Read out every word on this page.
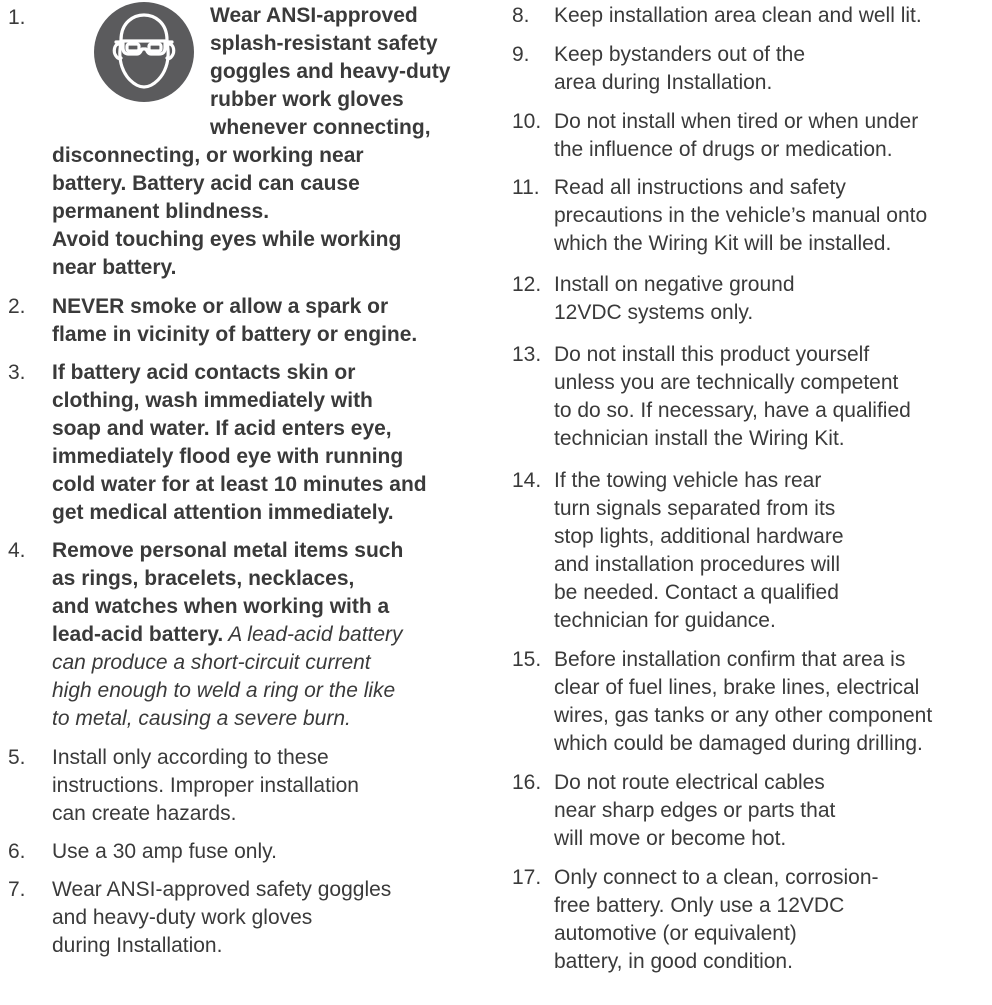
1.	Wear ANSI-approved
splash-resistant safety
goggles and heavy-duty
rubber work gloves
whenever connecting,
disconnecting, or working near
battery. Battery acid can cause
permanent blindness.
Avoid touching eyes while working
near battery.
2. NEVER smoke or allow a spark or
flame in vicinity of battery or engine.
3. If battery acid contacts skin or
clothing, wash immediately with
soap and water. If acid enters eye,
immediately flood eye with running
cold water for at least 10 minutes and
get medical attention immediately.
4. Remove personal metal items such
as rings, bracelets, necklaces,
and watches when working with a
lead-acid battery. A lead-acid battery
can produce a short-circuit current
high enough to weld a ring or the like
to metal, causing a severe burn.
5. Install only according to these
instructions. Improper installation
can create hazards.
6. Use a 30 amp fuse only.
7. Wear ANSI-approved safety goggles
and heavy-duty work gloves
during Installation.
8. Keep installation area clean and well lit.
9. Keep bystanders out of the
area during Installation.
10. Do not install when tired or when under
the influence of drugs or medication.
11. Read all instructions and safety
precautions in the vehicle’s manual onto
which the Wiring Kit will be installed.
12. Install on negative ground
12VDC systems only.
13. Do not install this product yourself
unless you are technically competent
to do so. If necessary, have a qualified
technician install the Wiring Kit.
14. If the towing vehicle has rear
turn signals separated from its
stop lights, additional hardware
and installation procedures will
be needed. Contact a qualified
technician for guidance.
15. Before installation confirm that area is
clear of fuel lines, brake lines, electrical
wires, gas tanks or any other component
which could be damaged during drilling.
16. Do not route electrical cables
near sharp edges or parts that
will move or become hot.
17. Only connect to a clean, corrosion-
free battery. Only use a 12VDC
automotive (or equivalent)
battery, in good condition.
